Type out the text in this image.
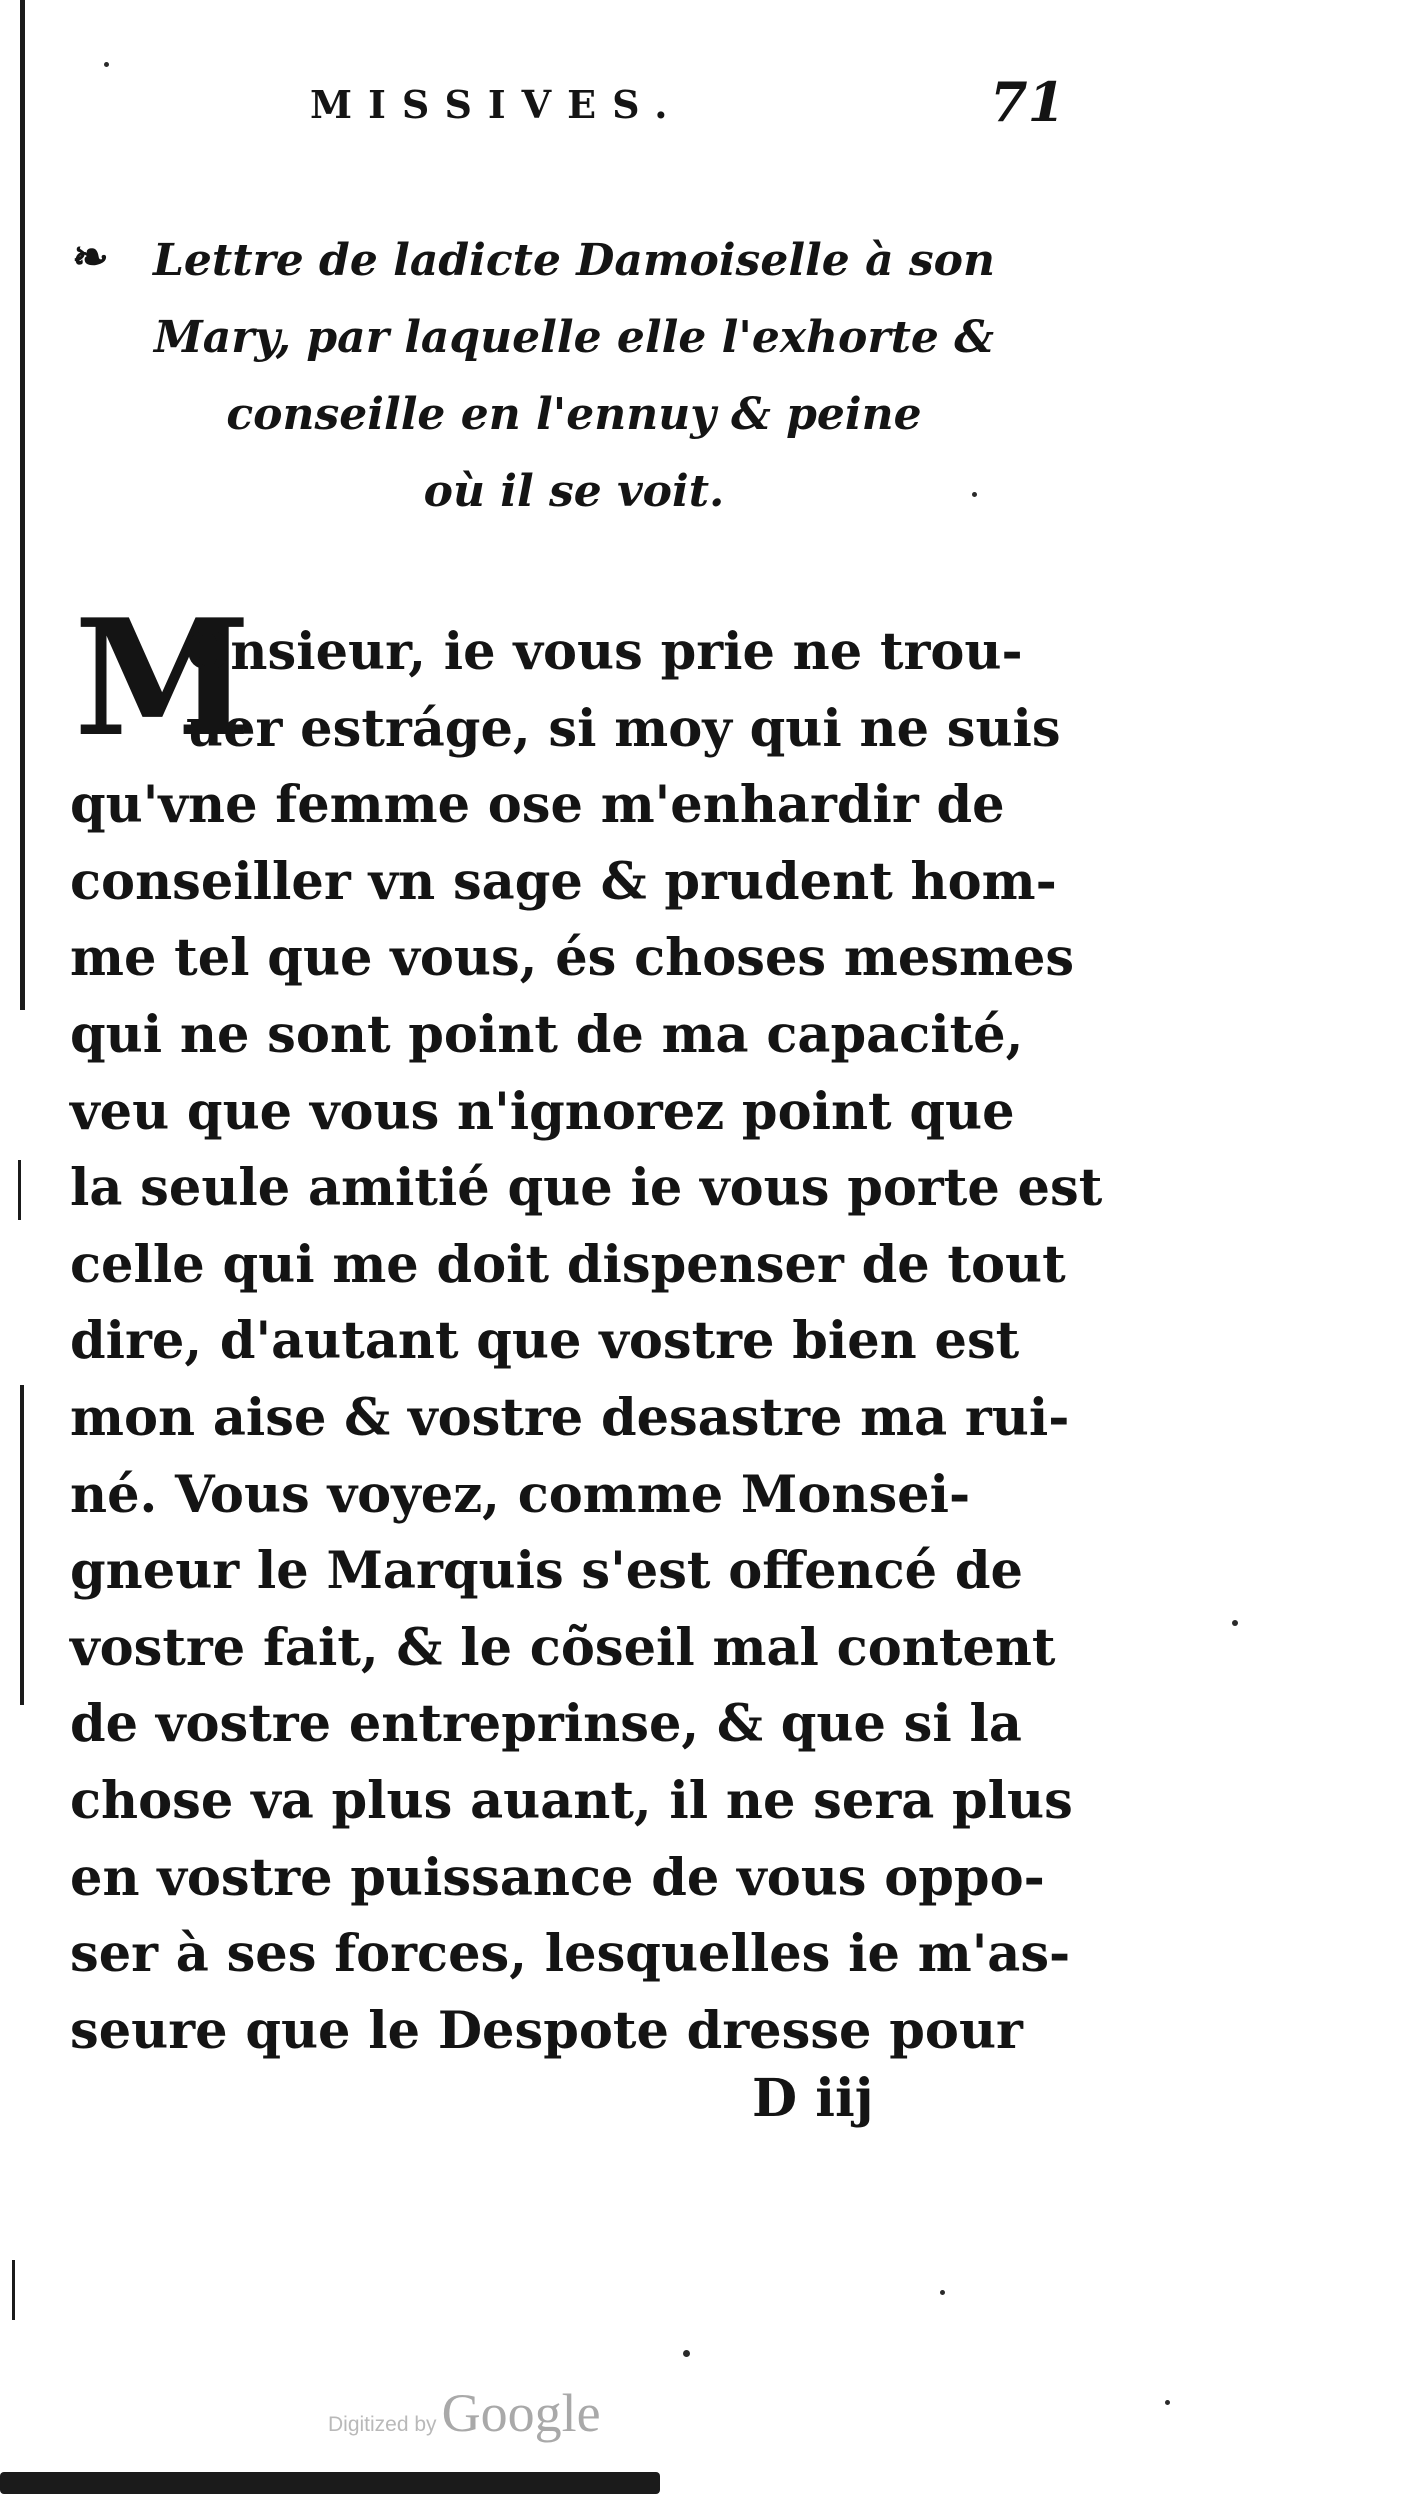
MISSIVES.	71
❧	Lettre de ladicte Damoiselle à son
Mary, par laquelle elle l'exhorte &
conseille en l'ennuy & peine
où il se voit.
M
Onsieur, ie vous prie ne trou-
uer estráge, si moy qui ne suis
qu'vne femme ose m'enhardir de
conseiller vn sage & prudent hom-
me tel que vous, és choses mesmes
qui ne sont point de ma capacité,
veu que vous n'ignorez point que
la seule amitié que ie vous porte est
celle qui me doit dispenser de tout
dire, d'autant que vostre bien est
mon aise & vostre desastre ma rui-
né. Vous voyez, comme Monsei-
gneur le Marquis s'est offencé de
vostre fait, & le cõseil mal content
de vostre entreprinse, & que si la
chose va plus auant, il ne sera plus
en vostre puissance de vous oppo-
ser à ses forces, lesquelles ie m'as-
seure que le Despote dresse pour
D iij
Digitized by Google
